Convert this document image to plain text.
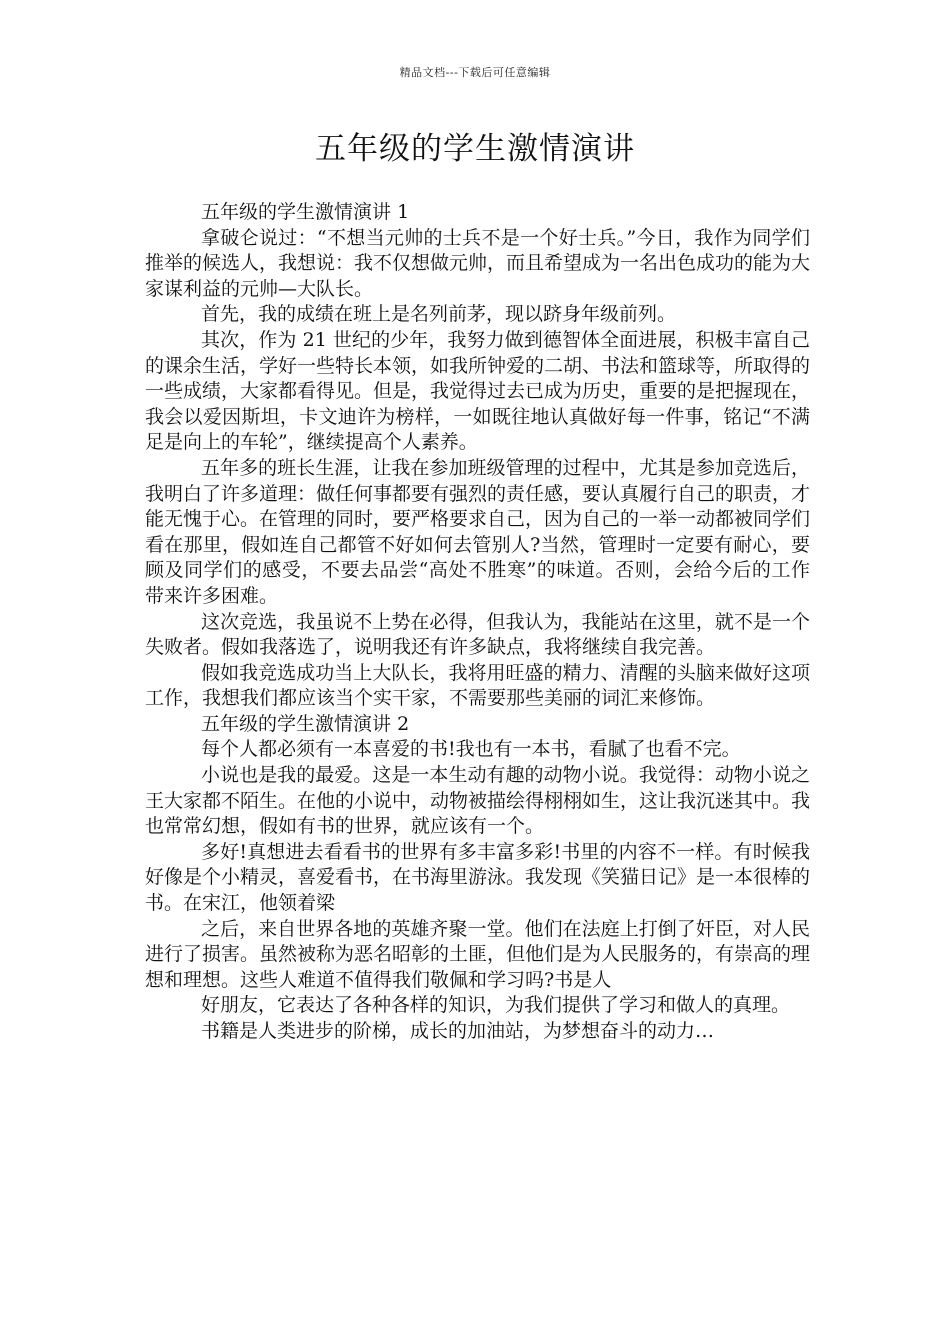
精品文档---下载后可任意编辑
五年级的学生激情演讲

五年级的学生激情演讲 1

拿破仑说过：“不想当元帅的士兵不是一个好士兵。”今日，我作为同学们推举的候选人，我想说：我不仅想做元帅，而且希望成为一名出色成功的能为大家谋利益的元帅—大队长。

首先，我的成绩在班上是名列前茅，现以跻身年级前列。

其次，作为 21 世纪的少年，我努力做到德智体全面进展，积极丰富自己的课余生活，学好一些特长本领，如我所钟爱的二胡、书法和篮球等，所取得的一些成绩，大家都看得见。但是，我觉得过去已成为历史，重要的是把握现在，我会以爱因斯坦，卡文迪许为榜样，一如既往地认真做好每一件事，铭记“不满足是向上的车轮”，继续提高个人素养。

五年多的班长生涯，让我在参加班级管理的过程中，尤其是参加竞选后，我明白了许多道理：做任何事都要有强烈的责任感，要认真履行自己的职责，才能无愧于心。在管理的同时，要严格要求自己，因为自己的一举一动都被同学们看在那里，假如连自己都管不好如何去管别人?当然，管理时一定要有耐心，要顾及同学们的感受，不要去品尝“高处不胜寒”的味道。否则，会给今后的工作带来许多困难。

这次竞选，我虽说不上势在必得，但我认为，我能站在这里，就不是一个失败者。假如我落选了，说明我还有许多缺点，我将继续自我完善。

假如我竞选成功当上大队长，我将用旺盛的精力、清醒的头脑来做好这项工作，我想我们都应该当个实干家，不需要那些美丽的词汇来修饰。

五年级的学生激情演讲 2

每个人都必须有一本喜爱的书!我也有一本书，看腻了也看不完。

小说也是我的最爱。这是一本生动有趣的动物小说。我觉得：动物小说之王大家都不陌生。在他的小说中，动物被描绘得栩栩如生，这让我沉迷其中。我也常常幻想，假如有书的世界，就应该有一个。

多好!真想进去看看书的世界有多丰富多彩!书里的内容不一样。有时候我好像是个小精灵，喜爱看书，在书海里游泳。我发现《笑猫日记》是一本很棒的书。在宋江，他领着梁

之后，来自世界各地的英雄齐聚一堂。他们在法庭上打倒了奸臣，对人民进行了损害。虽然被称为恶名昭彰的土匪，但他们是为人民服务的，有崇高的理想和理想。这些人难道不值得我们敬佩和学习吗?书是人

好朋友，它表达了各种各样的知识，为我们提供了学习和做人的真理。

书籍是人类进步的阶梯，成长的加油站，为梦想奋斗的动力…
